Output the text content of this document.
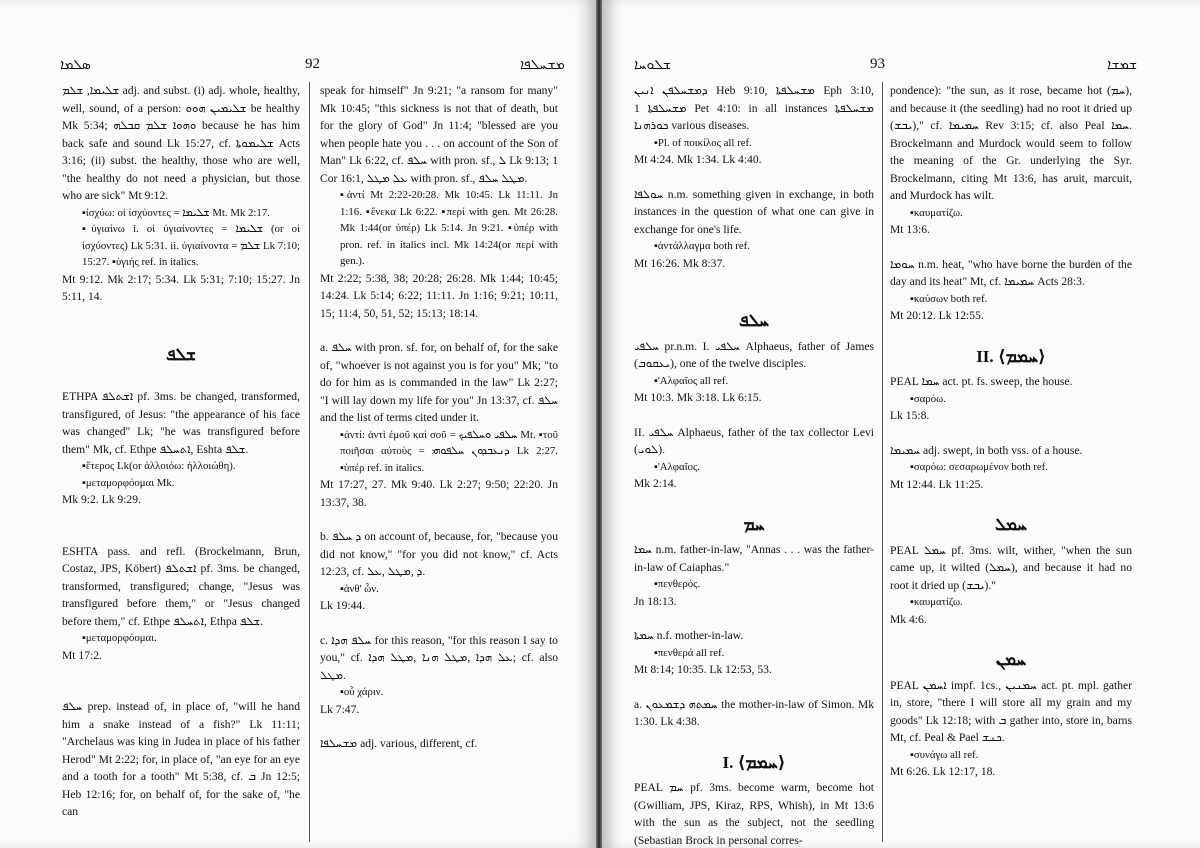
ܣܠܡܐ	92	ܡܫܚܠܦܐ
ܫܠܝܡܐ, ܫܠܡ adj. and subst. (i) adj. whole, healthy, well, sound, of a person: ܫܠܝܡܝܢ ܗܘܘ be healthy Mk 5:34; ܘܗܘܐ ܫܠܡ ܩܒܠܗ because he has him back safe and sound Lk 15:27, cf. ܫܠܝܡܘܬܐ Acts 3:16; (ii) subst. the healthy, those who are well, "the healthy do not need a physician, but those who are sick" Mt 9:12.
▪ἰσχύω: οἱ ἰσχύοντες = ܫܠܝܡܐ Mt. Mk 2:17.
▪ὑγιαίνω i. οἱ ὑγιαίνοντες = ܫܠܝܡܐ (or οἱ ἰσχύοντες) Lk 5:31. ii. ὑγιαίνοντα = ܫܠܡ Lk 7:10; 15:27. ▪ὑγιής ref. in italics.
Mt 9:12. Mk 2:17; 5:34. Lk 5:31; 7:10; 15:27. Jn 5:11, 14.
ܫܠܦ
ETHPA ܐܫܬܠܦ pf. 3ms. be changed, transformed, transfigured, of Jesus: "the appearance of his face was changed" Lk; "he was transfigured before them" Mk, cf. Ethpe ܐܬܚܠܦ, Eshta ܫܠܦ.
▪ἕτερος Lk(or ἀλλοιόω: ἠλλοιώθη).
▪μεταμορφόομαι Mk.
Mk 9:2. Lk 9:29.
ESHTA pass. and refl. (Brockelmann, Brun, Costaz, JPS, Köbert) ܐܫܬܠܦ pf. 3ms. be changed, transformed, transfigured; change, "Jesus was transfigured before them," or "Jesus changed before them," cf. Ethpe ܐܬܚܠܦ, Ethpa ܫܠܦ.
▪μεταμορφόομαι.
Mt 17:2.
ܚܠܦ prep. instead of, in place of, "will he hand him a snake instead of a fish?" Lk 11:11; "Archelaus was king in Judea in place of his father Herod" Mt 2:22; for, in place of, "an eye for an eye and a tooth for a tooth" Mt 5:38, cf. ܒ Jn 12:5; Heb 12:16; for, on behalf of, for the sake of, "he can
speak for himself" Jn 9:21; "a ransom for many" Mk 10:45; "this sickness is not that of death, but for the glory of God" Jn 11:4; "blessed are you when people hate you . . . on account of the Son of Man" Lk 6:22, cf. ܚܠܦ with pron. sf., ܠ Lk 9:13; 1 Cor 16:1, ܥܠ ܡܛܠ with pron. sf., ܡܛܠ ܚܠܦ.
▪ἀντί Mt 2:22-20:28. Mk 10:45. Lk 11:11. Jn 1:16. ▪ἕνεκα Lk 6:22. ▪περί with gen. Mt 26:28. Mk 1:44(or ὑπέρ) Lk 5:14. Jn 9:21. ▪ὑπέρ with pron. ref. in italics incl. Mk 14:24(or περί with gen.).
Mt 2:22; 5:38, 38; 20:28; 26:28. Mk 1:44; 10:45; 14:24. Lk 5:14; 6:22; 11:11. Jn 1:16; 9:21; 10:11, 15; 11:4, 50, 51, 52; 15:13; 18:14.
a. ܚܠܦ with pron. sf. for, on behalf of, for the sake of, "whoever is not against you is for you" Mk; "to do for him as is commanded in the law" Lk 2:27; "I will lay down my life for you" Jn 13:37, cf. ܚܠܦ and the list of terms cited under it.
▪ἀντί: ἀντὶ ἐμοῦ καὶ σοῦ = ܚܠܦܝ ܘܚܠܦܝܟ Mt. ▪τοῦ ποιῆσαι αὐτοὺς = ܕܢܥܒܕܘܢ ܚܠܦܘܗܝ Lk 2:27. ▪ὑπέρ ref. in italics.
Mt 17:27, 27. Mk 9:40. Lk 2:27; 9:50; 22:20. Jn 13:37, 38.
b. ܕ ܚܠܦ on account of, because, for, "because you did not know," "for you did not know," cf. Acts 12:23, cf. ܕ ,ܡܛܠ ,ܥܠ.
▪ἀνθ' ὧν.
Lk 19:44.
c. ܚܠܦ ܗܕܐ for this reason, "for this reason I say to you," cf. ܥܠ ܗܕܐ ,ܡܛܠ ܗܢܐ ,ܡܛܠ ܗܕܐ; cf. also ܡܛܠ.
▪οὗ χάριν.
Lk 7:47.
ܡܫܚܠܦܐ adj. various, different, cf.
ܫܠܘܚܐ	93	ܫܡܫܐ
ܕܡܫܚܠܦܢ ܐܢܝܢ Heb 9:10, ܡܫܚܠܦܬܐ Eph 3:10, ܡܫܚܠܦܬܐ 1 Pet 4:10: in all instances ܡܫܚܠܦܬܐ ܟܘܪܗܢܐ various diseases.
▪Pl. of ποικίλος all ref.
Mt 4:24. Mk 1:34. Lk 4:40.
ܚܘܠܦܐ n.m. something given in exchange, in both instances in the question of what one can give in exchange for one's life.
▪ἀντάλλαγμα both ref.
Mt 16:26. Mk 8:37.
ܚܠܦ
ܚܠܦܝ pr.n.m. I. ܚܠܦܝ Alphaeus, father of James (ܝܥܩܘܒ), one of the twelve disciples.
▪'Αλφαῖος all ref.
Mt 10:3. Mk 3:18. Lk 6:15.
II. ܚܠܦܝ Alphaeus, father of the tax collector Levi (ܠܘܝ).
▪'Αλφαῖος.
Mk 2:14.
ܚܡ
ܚܡܐ n.m. father-in-law, "Annas . . . was the father-in-law of Caiaphas."
▪πενθερός.
Jn 18:13.
ܚܡܬܐ n.f. mother-in-law.
▪πενθερά all ref.
Mt 8:14; 10:35. Lk 12:53, 53.
a. ܚܡܬܗ ܕܫܡܥܘܢ the mother-in-law of Simon. Mk 1:30. Lk 4:38.
I. ⟨ܚܡܡ⟩
PEAL ܚܡ pf. 3ms. become warm, become hot (Gwilliam, JPS, Kiraz, RPS, Whish), in Mt 13:6 with the sun as the subject, not the seedling (Sebastian Brock in personal corres-
pondence): "the sun, as it rose, became hot (ܚܡ), and because it (the seedling) had no root it dried up (ܝܒܫ)," cf. ܚܡܝܡܐ Rev 3:15; cf. also Peal ܚܡܐ. Brockelmann and Murdock would seem to follow the meaning of the Gr. underlying the Syr. Brockelmann, citing Mt 13:6, has aruit, marcuit, and Murdock has wilt.
▪καυματίζω.
Mt 13:6.
ܚܘܡܐ n.m. heat, "who have borne the burden of the day and its heat" Mt, cf. ܚܡܝܡܐ Acts 28:3.
▪καύσων both ref.
Mt 20:12. Lk 12:55.
II. ⟨ܚܡܡ⟩
PEAL ܚܡܐ act. pt. fs. sweep, the house.
▪σαρόω.
Lk 15:8.
ܚܡܝܡܐ adj. swept, in both vss. of a house.
▪σαρόω: σεσαρωμένον both ref.
Mt 12:44. Lk 11:25.
ܚܡܠ
PEAL ܚܡܠ pf. 3ms. wilt, wither, "when the sun came up, it wilted (ܚܡܠ), and because it had no root it dried up (ܝܒܫ)."
▪καυματίζω.
Mk 4:6.
ܚܡܢ
PEAL ܐܚܡܢ impf. 1cs., ܚܡܢܝܢ act. pt. mpl. gather in, store, "there I will store all my grain and my goods" Lk 12:18; with ܒ gather into, store in, barns Mt, cf. Peal & Pael ܟܢܫ.
▪συνάγω all ref.
Mt 6:26. Lk 12:17, 18.
